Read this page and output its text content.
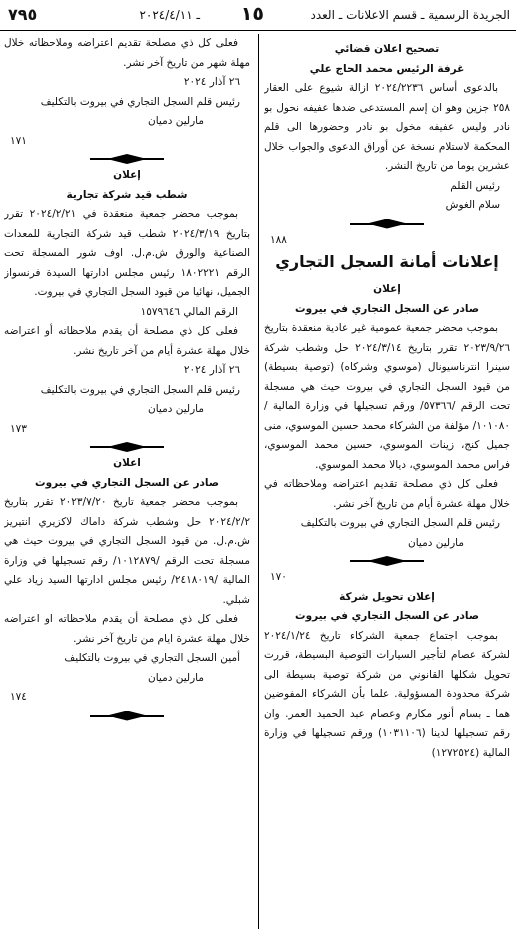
الجريدة الرسمية ـ قسم الاعلانات ـ العدد
١٥
ـ ٢٠٢٤/٤/١١
٧٩٥

تصحيح اعلان قضائي

غرفة الرئيس محمد الحاج علي

بالدعوى أساس ٢٠٢٤/٢٢٣٦ ازالة شيوع على العقار ٢٥٨ جزين وهو ان إسم المستدعى ضدها عفيفه نحول بو نادر وليس عفيفه مخول بو نادر وحضورها الى قلم المحكمة لاستلام نسخة عن أوراق الدعوى والجواب خلال عشرين يوما من تاريخ النشر.

رئيس القلم

سلام الغوش

١٨٨

إعلانات أمانة السجل التجاري

إعلان

صادر عن السجل التجاري في بيروت

بموجب محضر جمعية عمومية غير عادية منعقدة بتاريخ ٢٠٢٣/٩/٢٦ تقرر بتاريخ ٢٠٢٤/٣/١٤ حل وشطب شركة سينرا انترناسيونال (موسوي وشركاه) (توصية بسيطة) من قيود السجل التجاري في بيروت حيث هي مسجلة تحت الرقم /٥٧٣٦٦/ ورقم تسجيلها في وزارة المالية /١٠١٠٨٠/ مؤلفة من الشركاء محمد حسين الموسوي، منى جميل كنج، زينات الموسوي، حسين محمد الموسوي، فراس محمد الموسوي، ديالا محمد الموسوي.

فعلى كل ذي مصلحة تقديم اعتراضه وملاحظاته في خلال مهلة عشرة أيام من تاريخ آخر نشر.

رئيس قلم السجل التجاري في بيروت بالتكليف

مارلين دميان

١٧٠

إعلان تحويل شركة

صادر عن السجل التجاري في بيروت

بموجب اجتماع جمعية الشركاء تاريخ ٢٠٢٤/١/٢٤ لشركة عصام لتأجير السيارات التوصية البسيطة، قررت تحويل شكلها القانوني من شركة توصية بسيطة الى شركة محدودة المسؤولية. علما بأن الشركاء المفوضين هما ـ بسام أنور مكارم وعصام عبد الحميد العمر. وان رقم تسجيلها لدينا (١٠٣١١٠٦) ورقم تسجيلها في وزارة المالية (١٢٧٢٥٢٤)

فعلى كل ذي مصلحة تقديم اعتراضه وملاحظاته خلال مهلة شهر من تاريخ آخر نشر.

٢٦ آذار ٢٠٢٤

رئيس قلم السجل التجاري في بيروت بالتكليف

مارلين دميان

١٧١

إعلان

شطب قيد شركة تجارية

بموجب محضر جمعية منعقدة في ٢٠٢٤/٢/٢١ تقرر بتاريخ ٢٠٢٤/٣/١٩ شطب قيد شركة التجارية للمعدات الصناعية والورق ش.م.ل. اوف شور المسجلة تحت الرقم ١٨٠٢٢٢١ رئيس مجلس ادارتها السيدة فرنسواز الجميل، نهائيا من قيود السجل التجاري في بيروت.

الرقم المالي ١٥٧٩٦٤٦

فعلى كل ذي مصلحة أن يقدم ملاحظاته أو اعتراضه خلال مهلة عشرة أيام من آخر تاريخ نشر.

٢٦ آذار ٢٠٢٤

رئيس قلم السجل التجاري في بيروت بالتكليف

مارلين دميان

١٧٣

اعلان

صادر عن السجل التجاري في بيروت

بموجب محضر جمعية تاريخ ٢٠٢٣/٧/٢٠ تقرر بتاريخ ٢٠٢٤/٢/٢ حل وشطب شركة داماك لاكزيري انتيريز ش.م.ل. من قيود السجل التجاري في بيروت حيث هي مسجلة تحت الرقم /١٠١٢٨٧٩/ رقم تسجيلها في وزارة المالية /٢٤١٨٠١٩/ رئيس مجلس ادارتها السيد زياد علي شبلي.

فعلى كل ذي مصلحة أن يقدم ملاحظاته او اعتراضه خلال مهلة عشرة ايام من تاريخ آخر نشر.

أمين السجل التجاري في بيروت بالتكليف

مارلين دميان

١٧٤
